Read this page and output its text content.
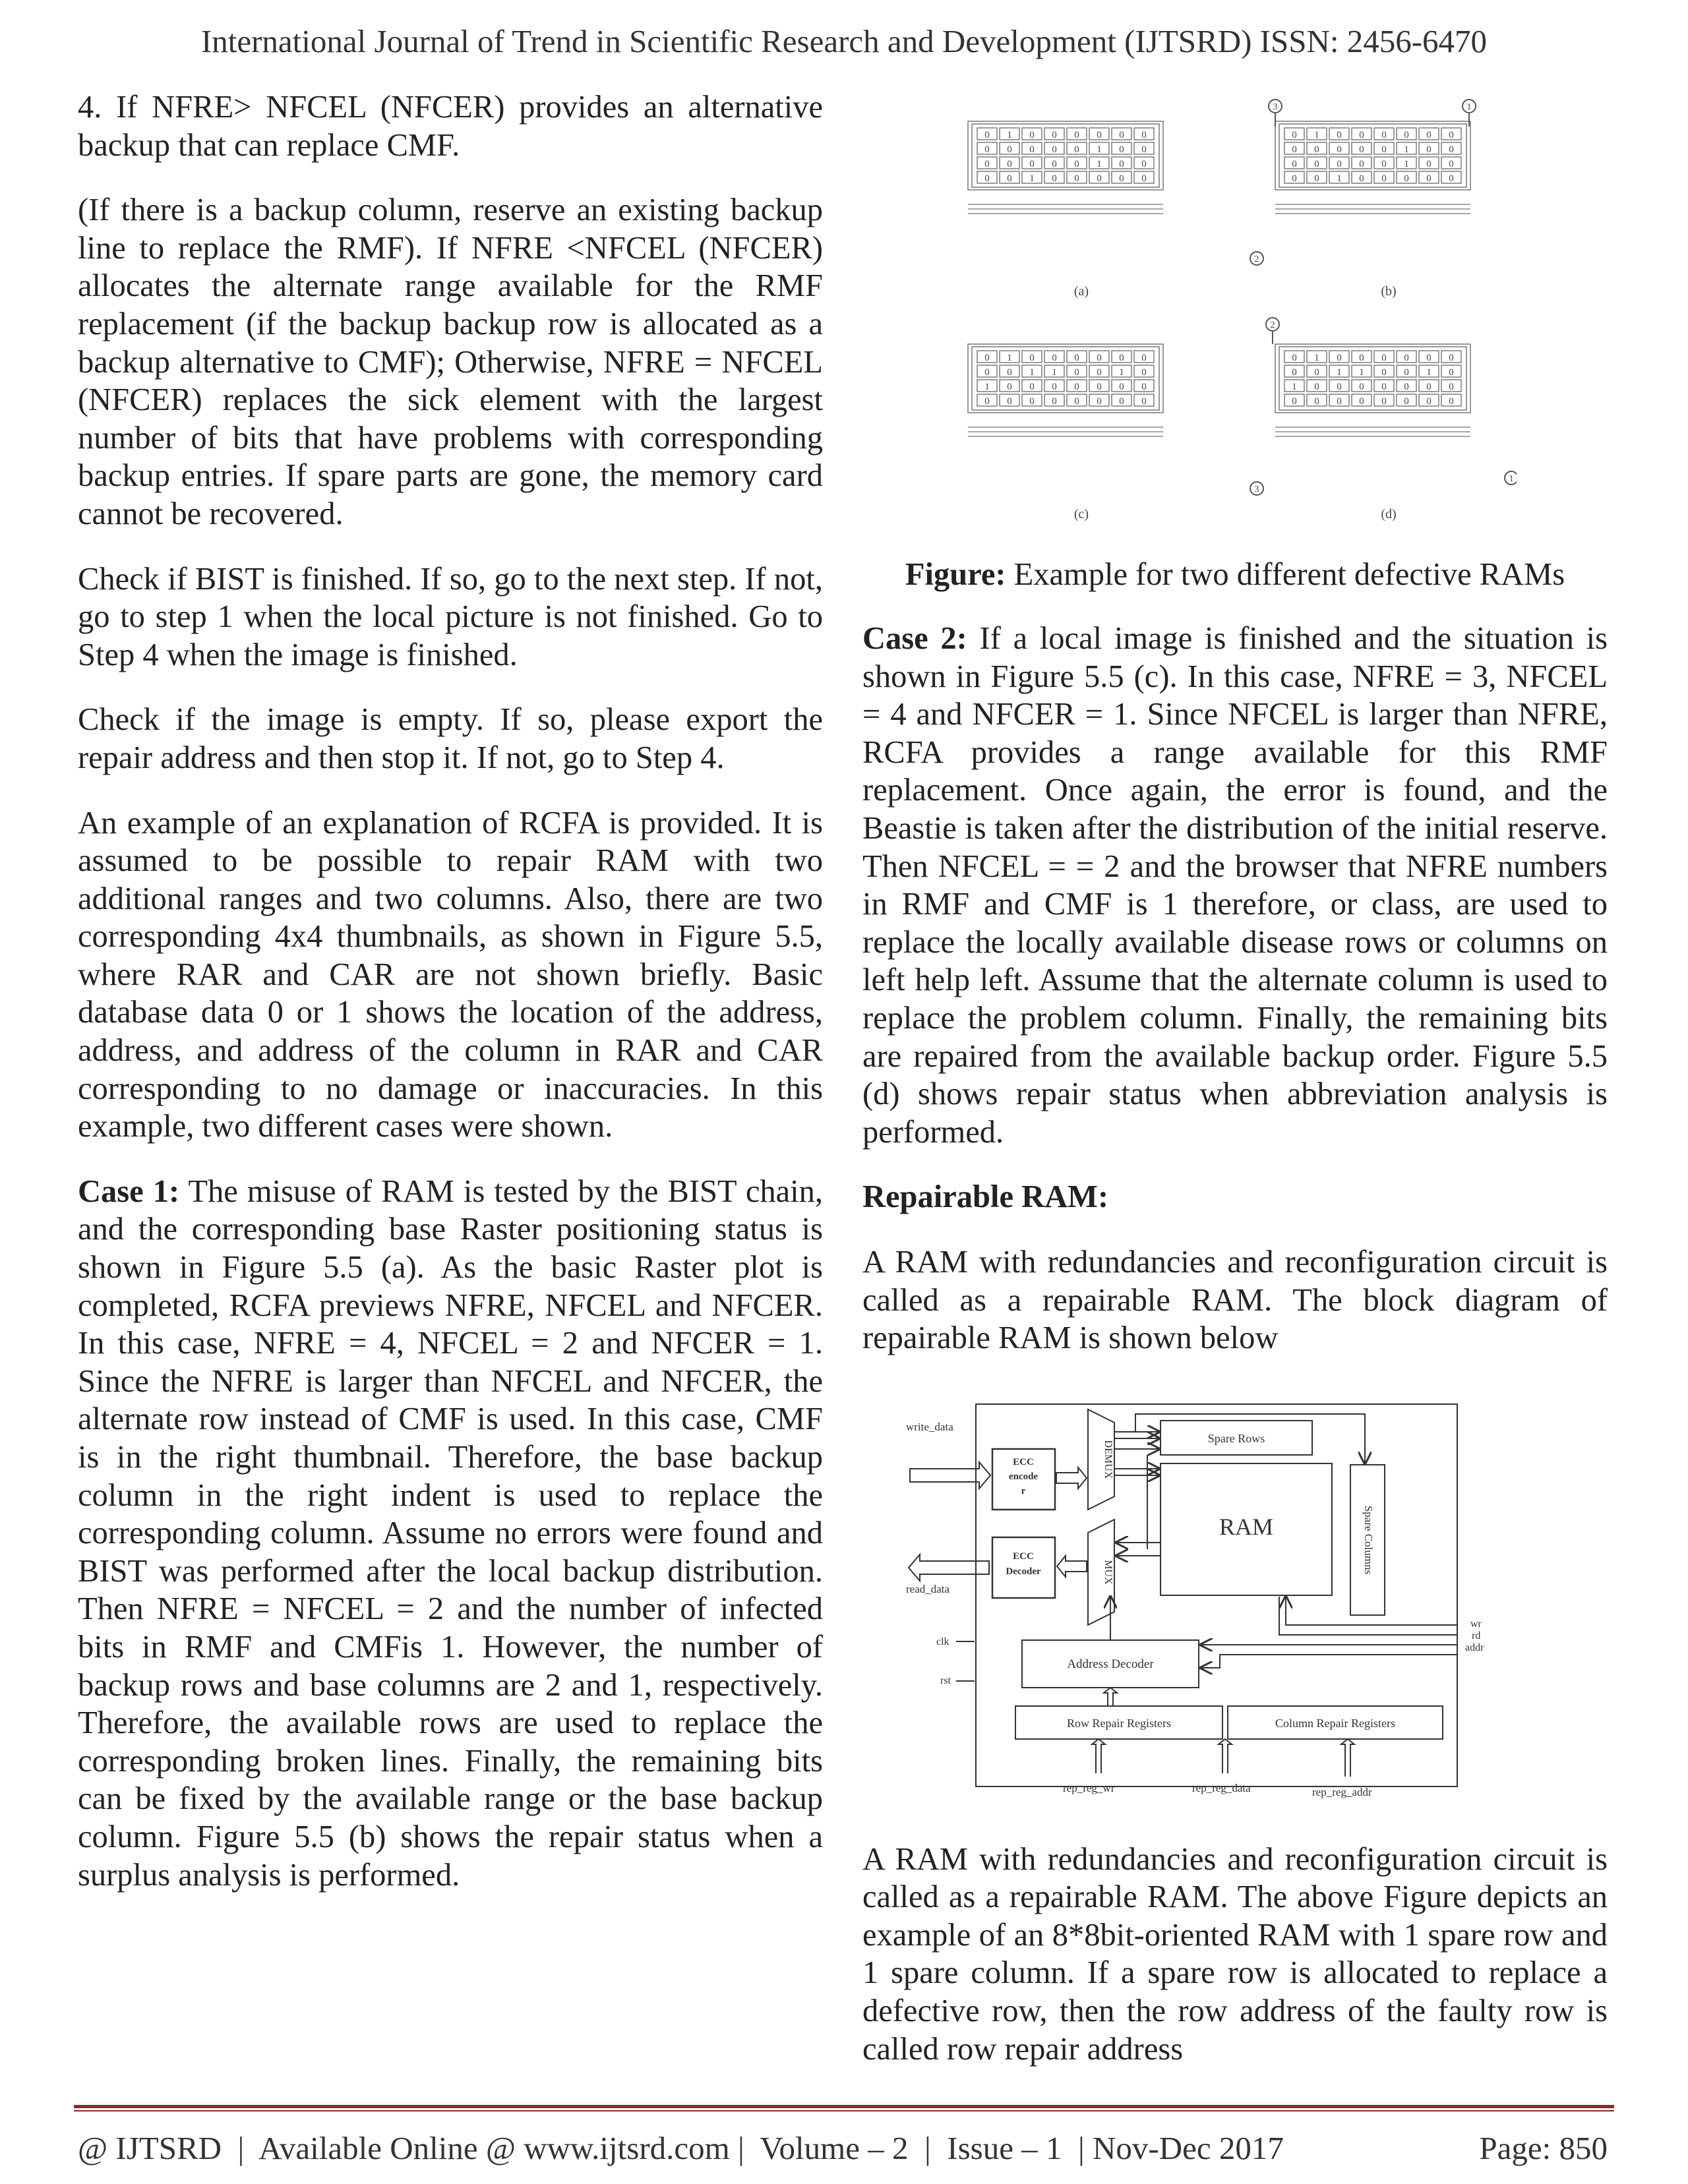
International Journal of Trend in Scientific Research and Development (IJTSRD) ISSN: 2456-6470

4. If NFRE> NFCEL (NFCER) provides an alternative backup that can replace CMF.

(If there is a backup column, reserve an existing backup line to replace the RMF). If NFRE <NFCEL (NFCER) allocates the alternate range available for the RMF replacement (if the backup backup row is allocated as a backup alternative to CMF); Otherwise, NFRE = NFCEL (NFCER) replaces the sick element with the largest number of bits that have problems with corresponding backup entries. If spare parts are gone, the memory card cannot be recovered.

Check if BIST is finished. If so, go to the next step. If not, go to step 1 when the local picture is not finished. Go to Step 4 when the image is finished.

Check if the image is empty. If so, please export the repair address and then stop it. If not, go to Step 4.

An example of an explanation of RCFA is provided. It is assumed to be possible to repair RAM with two additional ranges and two columns. Also, there are two corresponding 4x4 thumbnails, as shown in Figure 5.5, where RAR and CAR are not shown briefly. Basic database data 0 or 1 shows the location of the address, address, and address of the column in RAR and CAR corresponding to no damage or inaccuracies. In this example, two different cases were shown.

Case 1: The misuse of RAM is tested by the BIST chain, and the corresponding base Raster positioning status is shown in Figure 5.5 (a). As the basic Raster plot is completed, RCFA previews NFRE, NFCEL and NFCER. In this case, NFRE = 4, NFCEL = 2 and NFCER = 1. Since the NFRE is larger than NFCEL and NFCER, the alternate row instead of CMF is used. In this case, CMF is in the right thumbnail. Therefore, the base backup column in the right indent is used to replace the corresponding column. Assume no errors were found and BIST was performed after the local backup distribution. Then NFRE = NFCEL = 2 and the number of infected bits in RMF and CMFis 1. However, the number of backup rows and base columns are 2 and 1, respectively. Therefore, the available rows are used to replace the corresponding broken lines. Finally, the remaining bits can be fixed by the available range or the base backup column. Figure 5.5 (b) shows the repair status when a surplus analysis is performed.

0 1 0 0 0 0 0 0
0 0 0 0 0 1 0 0
0 0 0 0 0 1 0 0
0 0 1 0 0 0 0 0
0 1 0 0 0 0 0 0
0 0 0 0 0 1 0 0
0 0 0 0 0 1 0 0
0 0 1 0 0 0 0 0
0 1 0 0 0 0 0 0
0 0 1 1 0 0 1 0
1 0 0 0 0 0 0 0
0 0 0 0 0 0 0 0
0 1 0 0 0 0 0 0
0 0 1 1 0 0 1 0
1 0 0 0 0 0 0 0
0 0 0 0 0 0 0 0
3	1
2
2
3
1
(a)	(b)
(c)	(d)
Figure: Example for two different defective RAMs

Case 2: If a local image is finished and the situation is shown in Figure 5.5 (c). In this case, NFRE = 3, NFCEL = 4 and NFCER = 1. Since NFCEL is larger than NFRE, RCFA provides a range available for this RMF replacement. Once again, the error is found, and the Beastie is taken after the distribution of the initial reserve. Then NFCEL = = 2 and the browser that NFRE numbers in RMF and CMF is 1 therefore, or class, are used to replace the locally available disease rows or columns on left help left. Assume that the alternate column is used to replace the problem column. Finally, the remaining bits are repaired from the available backup order. Figure 5.5 (d) shows repair status when abbreviation analysis is performed.

Repairable RAM:

A RAM with redundancies and reconfiguration circuit is called as a repairable RAM. The block diagram of repairable RAM is shown below

A RAM with redundancies and reconfiguration circuit is called as a repairable RAM. The above Figure depicts an example of an 8*8bit-oriented RAM with 1 spare row and 1 spare column. If a spare row is allocated to replace a defective row, then the row address of the faulty row is called row repair address

write_data
read_data
ECC
encode
r
ECC
Decoder
DEMUX
MUX
Spare Rows
RAM	Spare Columns
clk
rst
Address Decoder
wr
rd
addr
Row Repair Registers	Column Repair Registers
rep_reg_wr	rep_reg_data	rep_reg_addr
@ IJTSRD  |  Available Online @ www.ijtsrd.com |  Volume – 2  |  Issue – 1  | Nov-Dec 2017	Page: 850
